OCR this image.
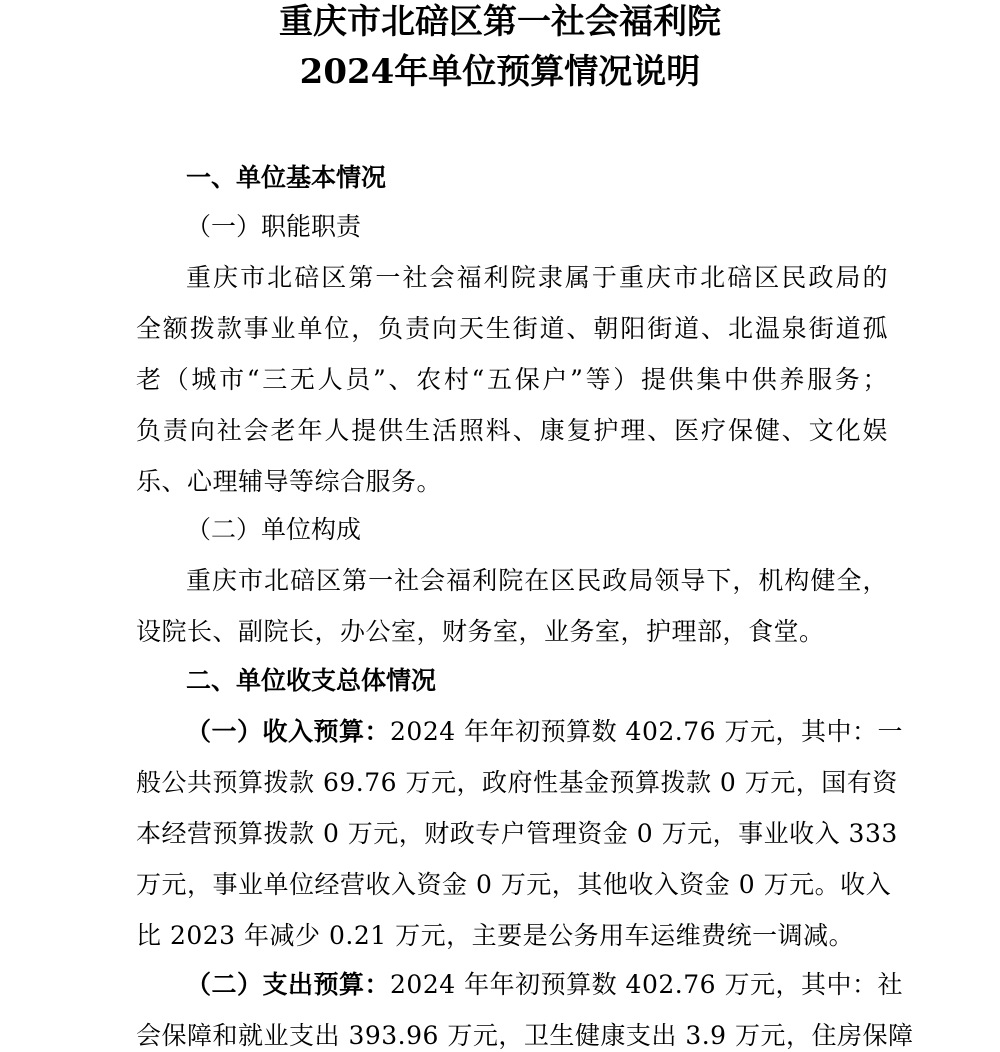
重庆市北碚区第一社会福利院
2024年单位预算情况说明
一、单位基本情况
（一）职能职责
重庆市北碚区第一社会福利院隶属于重庆市北碚区民政局的
全额拨款事业单位，负责向天生街道、朝阳街道、北温泉街道孤
老（城市“三无人员”、农村“五保户”等）提供集中供养服务；
负责向社会老年人提供生活照料、康复护理、医疗保健、文化娱
乐、心理辅导等综合服务。
（二）单位构成
重庆市北碚区第一社会福利院在区民政局领导下，机构健全，
设院长、副院长，办公室，财务室，业务室，护理部，食堂。
二、单位收支总体情况
（一）收入预算：2024 年年初预算数 402.76 万元，其中：一
般公共预算拨款 69.76 万元，政府性基金预算拨款 0 万元，国有资
本经营预算拨款 0 万元，财政专户管理资金 0 万元，事业收入 333
万元，事业单位经营收入资金 0 万元，其他收入资金 0 万元。收入
比 2023 年减少 0.21 万元，主要是公务用车运维费统一调减。
（二）支出预算：2024 年年初预算数 402.76 万元，其中：社
会保障和就业支出 393.96 万元，卫生健康支出 3.9 万元，住房保障
